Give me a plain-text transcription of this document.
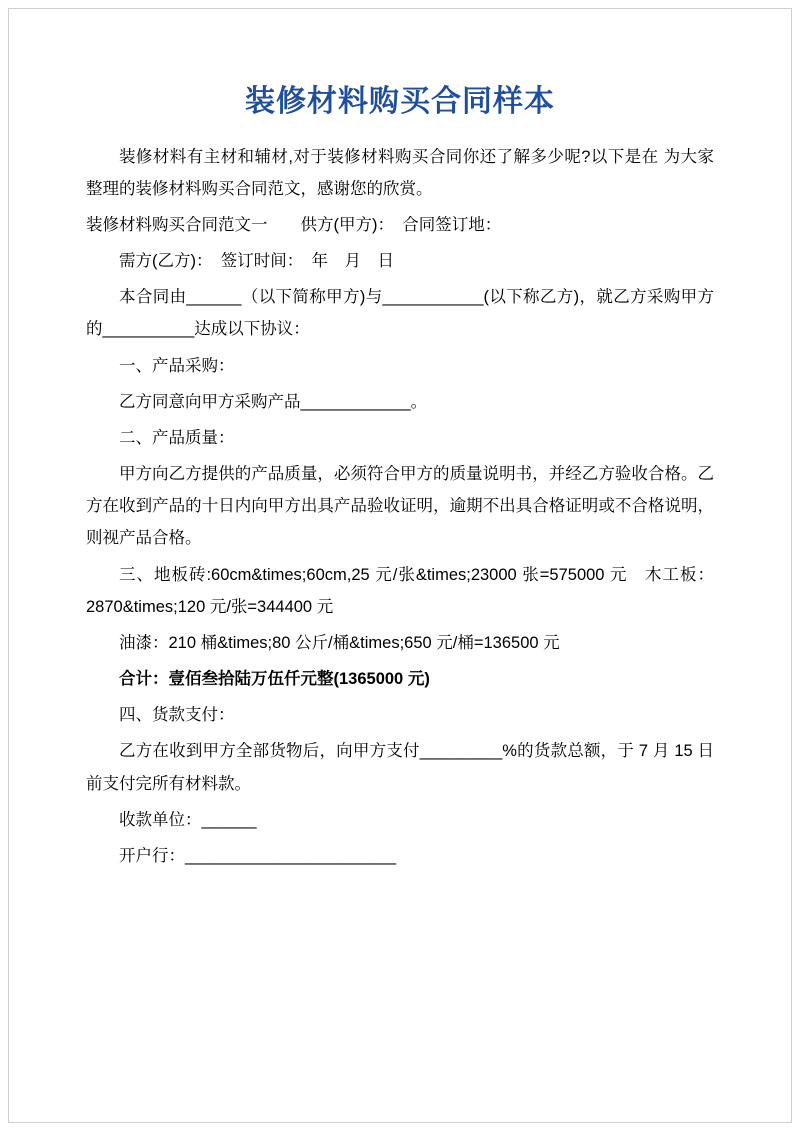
装修材料购买合同样本

装修材料有主材和辅材,对于装修材料购买合同你还了解多少呢?以下是在 为大家整理的装修材料购买合同范文，感谢您的欣赏。

装修材料购买合同范文一　　供方(甲方)：　合同签订地：

需方(乙方)：　签订时间：　年　月　日

本合同由______（以下简称甲方)与___________(以下称乙方)，就乙方采购甲方的__________达成以下协议：

一、产品采购：

乙方同意向甲方采购产品____________。

二、产品质量：

甲方向乙方提供的产品质量，必须符合甲方的质量说明书，并经乙方验收合格。乙方在收到产品的十日内向甲方出具产品验收证明，逾期不出具合格证明或不合格说明，则视产品合格。

三、地板砖:60cm&times;60cm,25 元/张&times;23000 张=575000 元　木工板：2870&times;120 元/张=344400 元

油漆：210 桶&times;80 公斤/桶&times;650 元/桶=136500 元

合计：壹佰叁拾陆万伍仟元整(1365000 元)

四、货款支付：

乙方在收到甲方全部货物后，向甲方支付_________%的货款总额，于 7 月 15 日前支付完所有材料款。

收款单位：______

开户行：_______________________
